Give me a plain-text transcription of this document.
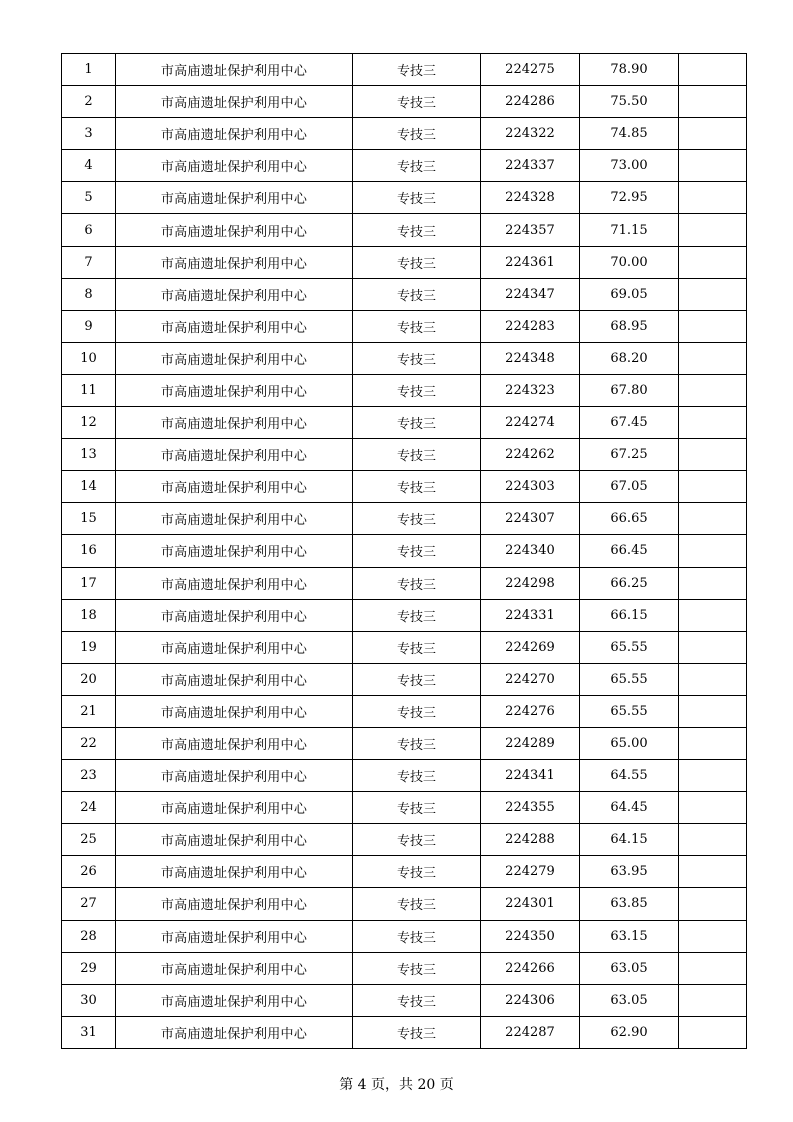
1	市高庙遗址保护利用中心	专技三	224275	78.90	
2	市高庙遗址保护利用中心	专技三	224286	75.50	
3	市高庙遗址保护利用中心	专技三	224322	74.85	
4	市高庙遗址保护利用中心	专技三	224337	73.00	
5	市高庙遗址保护利用中心	专技三	224328	72.95	
6	市高庙遗址保护利用中心	专技三	224357	71.15	
7	市高庙遗址保护利用中心	专技三	224361	70.00	
8	市高庙遗址保护利用中心	专技三	224347	69.05	
9	市高庙遗址保护利用中心	专技三	224283	68.95	
10	市高庙遗址保护利用中心	专技三	224348	68.20	
11	市高庙遗址保护利用中心	专技三	224323	67.80	
12	市高庙遗址保护利用中心	专技三	224274	67.45	
13	市高庙遗址保护利用中心	专技三	224262	67.25	
14	市高庙遗址保护利用中心	专技三	224303	67.05	
15	市高庙遗址保护利用中心	专技三	224307	66.65	
16	市高庙遗址保护利用中心	专技三	224340	66.45	
17	市高庙遗址保护利用中心	专技三	224298	66.25	
18	市高庙遗址保护利用中心	专技三	224331	66.15	
19	市高庙遗址保护利用中心	专技三	224269	65.55	
20	市高庙遗址保护利用中心	专技三	224270	65.55	
21	市高庙遗址保护利用中心	专技三	224276	65.55	
22	市高庙遗址保护利用中心	专技三	224289	65.00	
23	市高庙遗址保护利用中心	专技三	224341	64.55	
24	市高庙遗址保护利用中心	专技三	224355	64.45	
25	市高庙遗址保护利用中心	专技三	224288	64.15	
26	市高庙遗址保护利用中心	专技三	224279	63.95	
27	市高庙遗址保护利用中心	专技三	224301	63.85	
28	市高庙遗址保护利用中心	专技三	224350	63.15	
29	市高庙遗址保护利用中心	专技三	224266	63.05	
30	市高庙遗址保护利用中心	专技三	224306	63.05	
31	市高庙遗址保护利用中心	专技三	224287	62.90	
第 4 页，共 20 页
